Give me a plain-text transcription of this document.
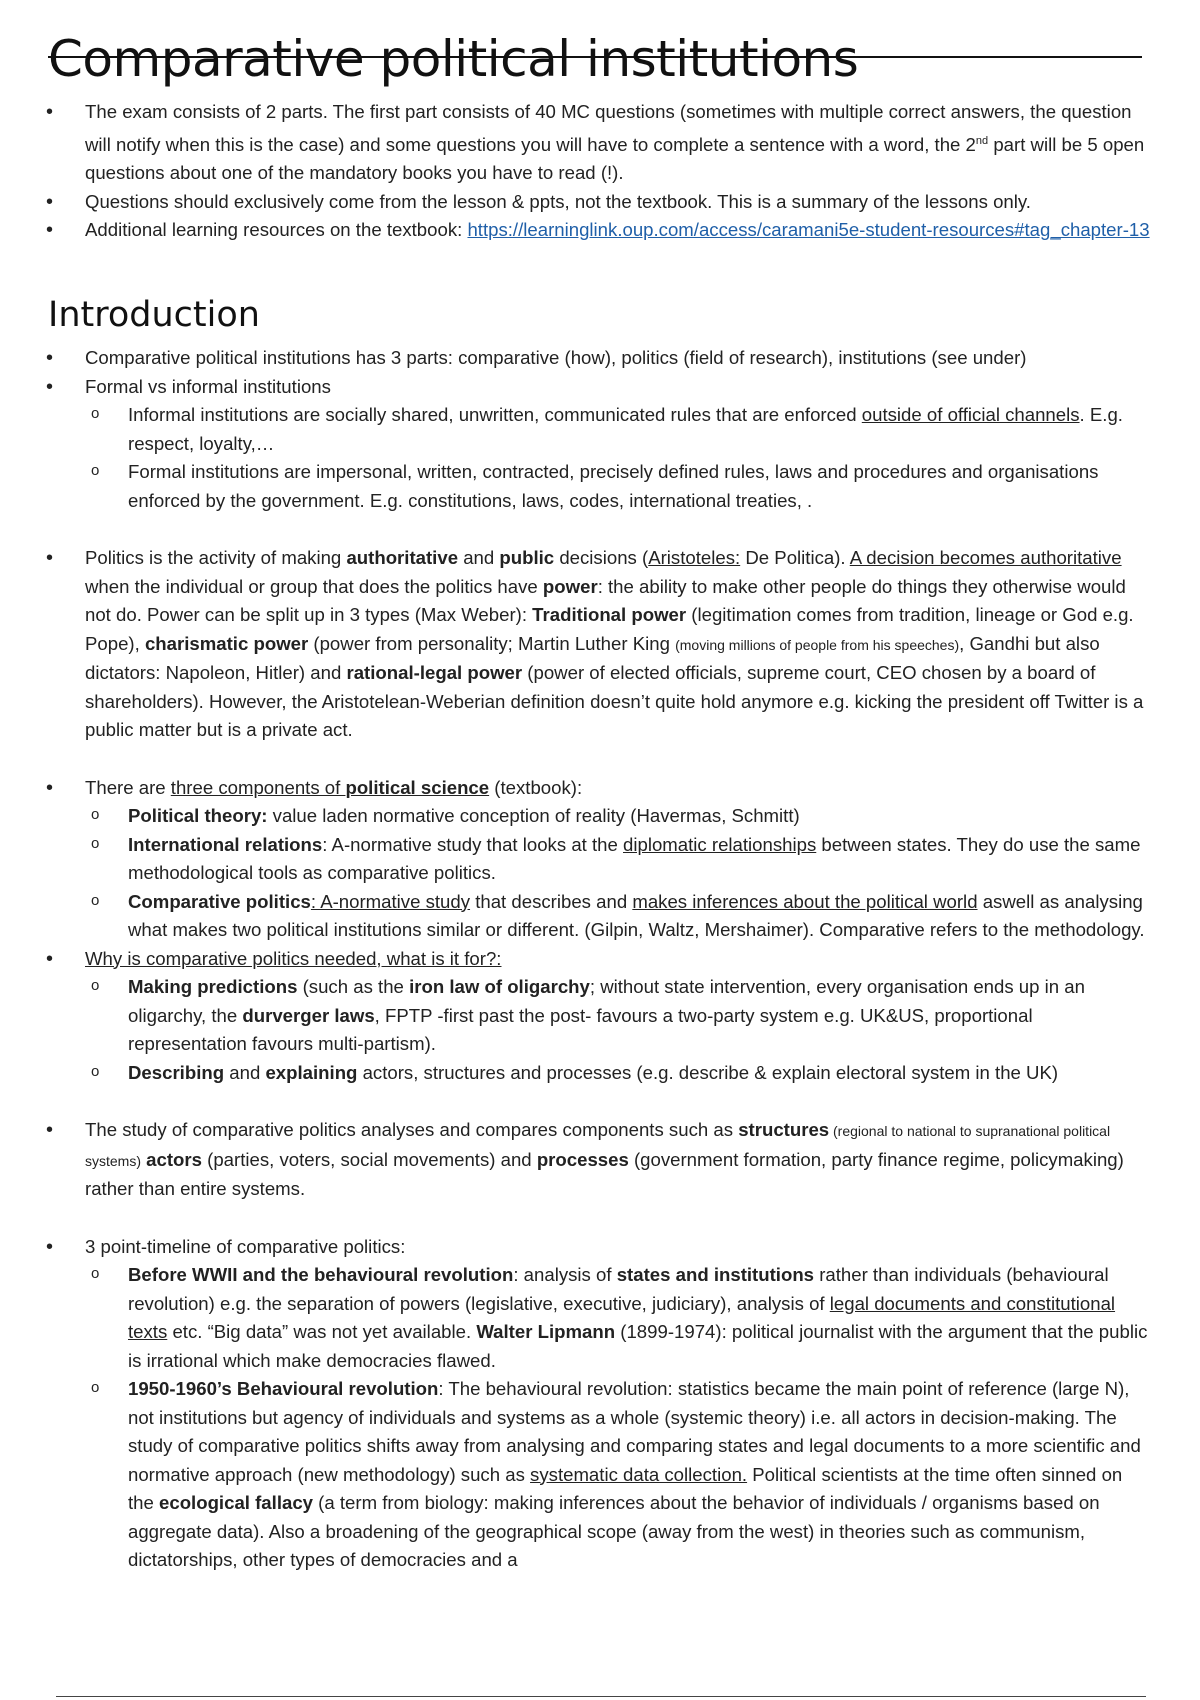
Comparative political institutions
• The exam consists of 2 parts. The first part consists of 40 MC questions (sometimes with multiple correct answers, the question will notify when this is the case) and some questions you will have to complete a sentence with a word, the 2nd part will be 5 open questions about one of the mandatory books you have to read (!).
• Questions should exclusively come from the lesson & ppts, not the textbook. This is a summary of the lessons only.
• Additional learning resources on the textbook: https://learninglink.oup.com/access/caramani5e-student-resources#tag_chapter-13
Introduction
• Comparative political institutions has 3 parts: comparative (how), politics (field of research), institutions (see under)
• Formal vs informal institutions
o Informal institutions are socially shared, unwritten, communicated rules that are enforced outside of official channels. E.g. respect, loyalty,…
o Formal institutions are impersonal, written, contracted, precisely defined rules, laws and procedures and organisations enforced by the government. E.g. constitutions, laws, codes, international treaties, .
• Politics is the activity of making authoritative and public decisions (Aristoteles: De Politica). A decision becomes authoritative when the individual or group that does the politics have power: the ability to make other people do things they otherwise would not do. Power can be split up in 3 types (Max Weber): Traditional power (legitimation comes from tradition, lineage or God e.g. Pope), charismatic power (power from personality; Martin Luther King (moving millions of people from his speeches), Gandhi but also dictators: Napoleon, Hitler) and rational-legal power (power of elected officials, supreme court, CEO chosen by a board of shareholders). However, the Aristotelean-Weberian definition doesn’t quite hold anymore e.g. kicking the president off Twitter is a public matter but is a private act.
• There are three components of political science (textbook):
o Political theory: value laden normative conception of reality (Havermas, Schmitt)
o International relations: A-normative study that looks at the diplomatic relationships between states. They do use the same methodological tools as comparative politics.
o Comparative politics: A-normative study that describes and makes inferences about the political world aswell as analysing what makes two political institutions similar or different. (Gilpin, Waltz, Mershaimer). Comparative refers to the methodology.
• Why is comparative politics needed, what is it for?:
o Making predictions (such as the iron law of oligarchy; without state intervention, every organisation ends up in an oligarchy, the durverger laws, FPTP -first past the post- favours a two-party system e.g. UK&US, proportional representation favours multi-partism).
o Describing and explaining actors, structures and processes (e.g. describe & explain electoral system in the UK)
• The study of comparative politics analyses and compares components such as structures (regional to national to supranational political systems) actors (parties, voters, social movements) and processes (government formation, party finance regime, policymaking) rather than entire systems.
• 3 point-timeline of comparative politics:
o Before WWII and the behavioural revolution: analysis of states and institutions rather than individuals (behavioural revolution) e.g. the separation of powers (legislative, executive, judiciary), analysis of legal documents and constitutional texts etc. “Big data” was not yet available. Walter Lipmann (1899-1974): political journalist with the argument that the public is irrational which make democracies flawed.
o 1950-1960’s Behavioural revolution: The behavioural revolution: statistics became the main point of reference (large N), not institutions but agency of individuals and systems as a whole (systemic theory) i.e. all actors in decision-making. The study of comparative politics shifts away from analysing and comparing states and legal documents to a more scientific and normative approach (new methodology) such as systematic data collection. Political scientists at the time often sinned on the ecological fallacy (a term from biology: making inferences about the behavior of individuals / organisms based on aggregate data). Also a broadening of the geographical scope (away from the west) in theories such as communism, dictatorships, other types of democracies and a
